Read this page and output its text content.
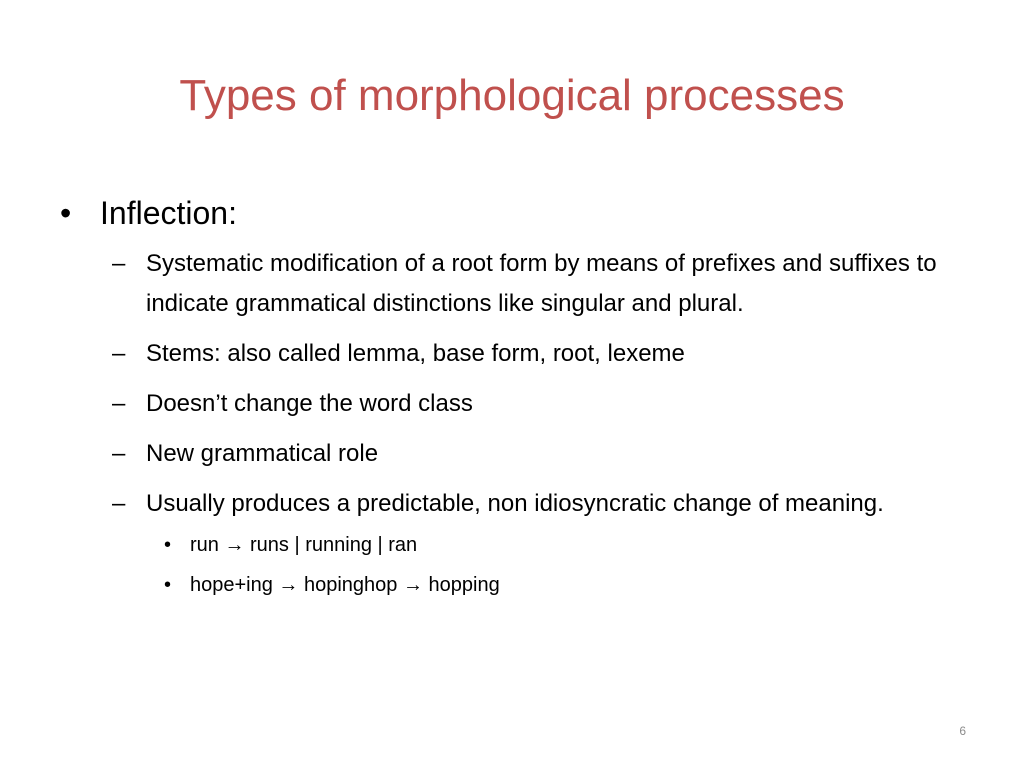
Types of morphological processes
• Inflection:
– Systematic modification of a root form by means of prefixes and suffixes to indicate grammatical distinctions like singular and plural.
– Stems: also called lemma, base form, root, lexeme
– Doesn’t change the word class
– New grammatical role
– Usually produces a predictable, non idiosyncratic change of meaning.
• run → runs | running | ran
• hope+ing → hopinghop → hopping
6
